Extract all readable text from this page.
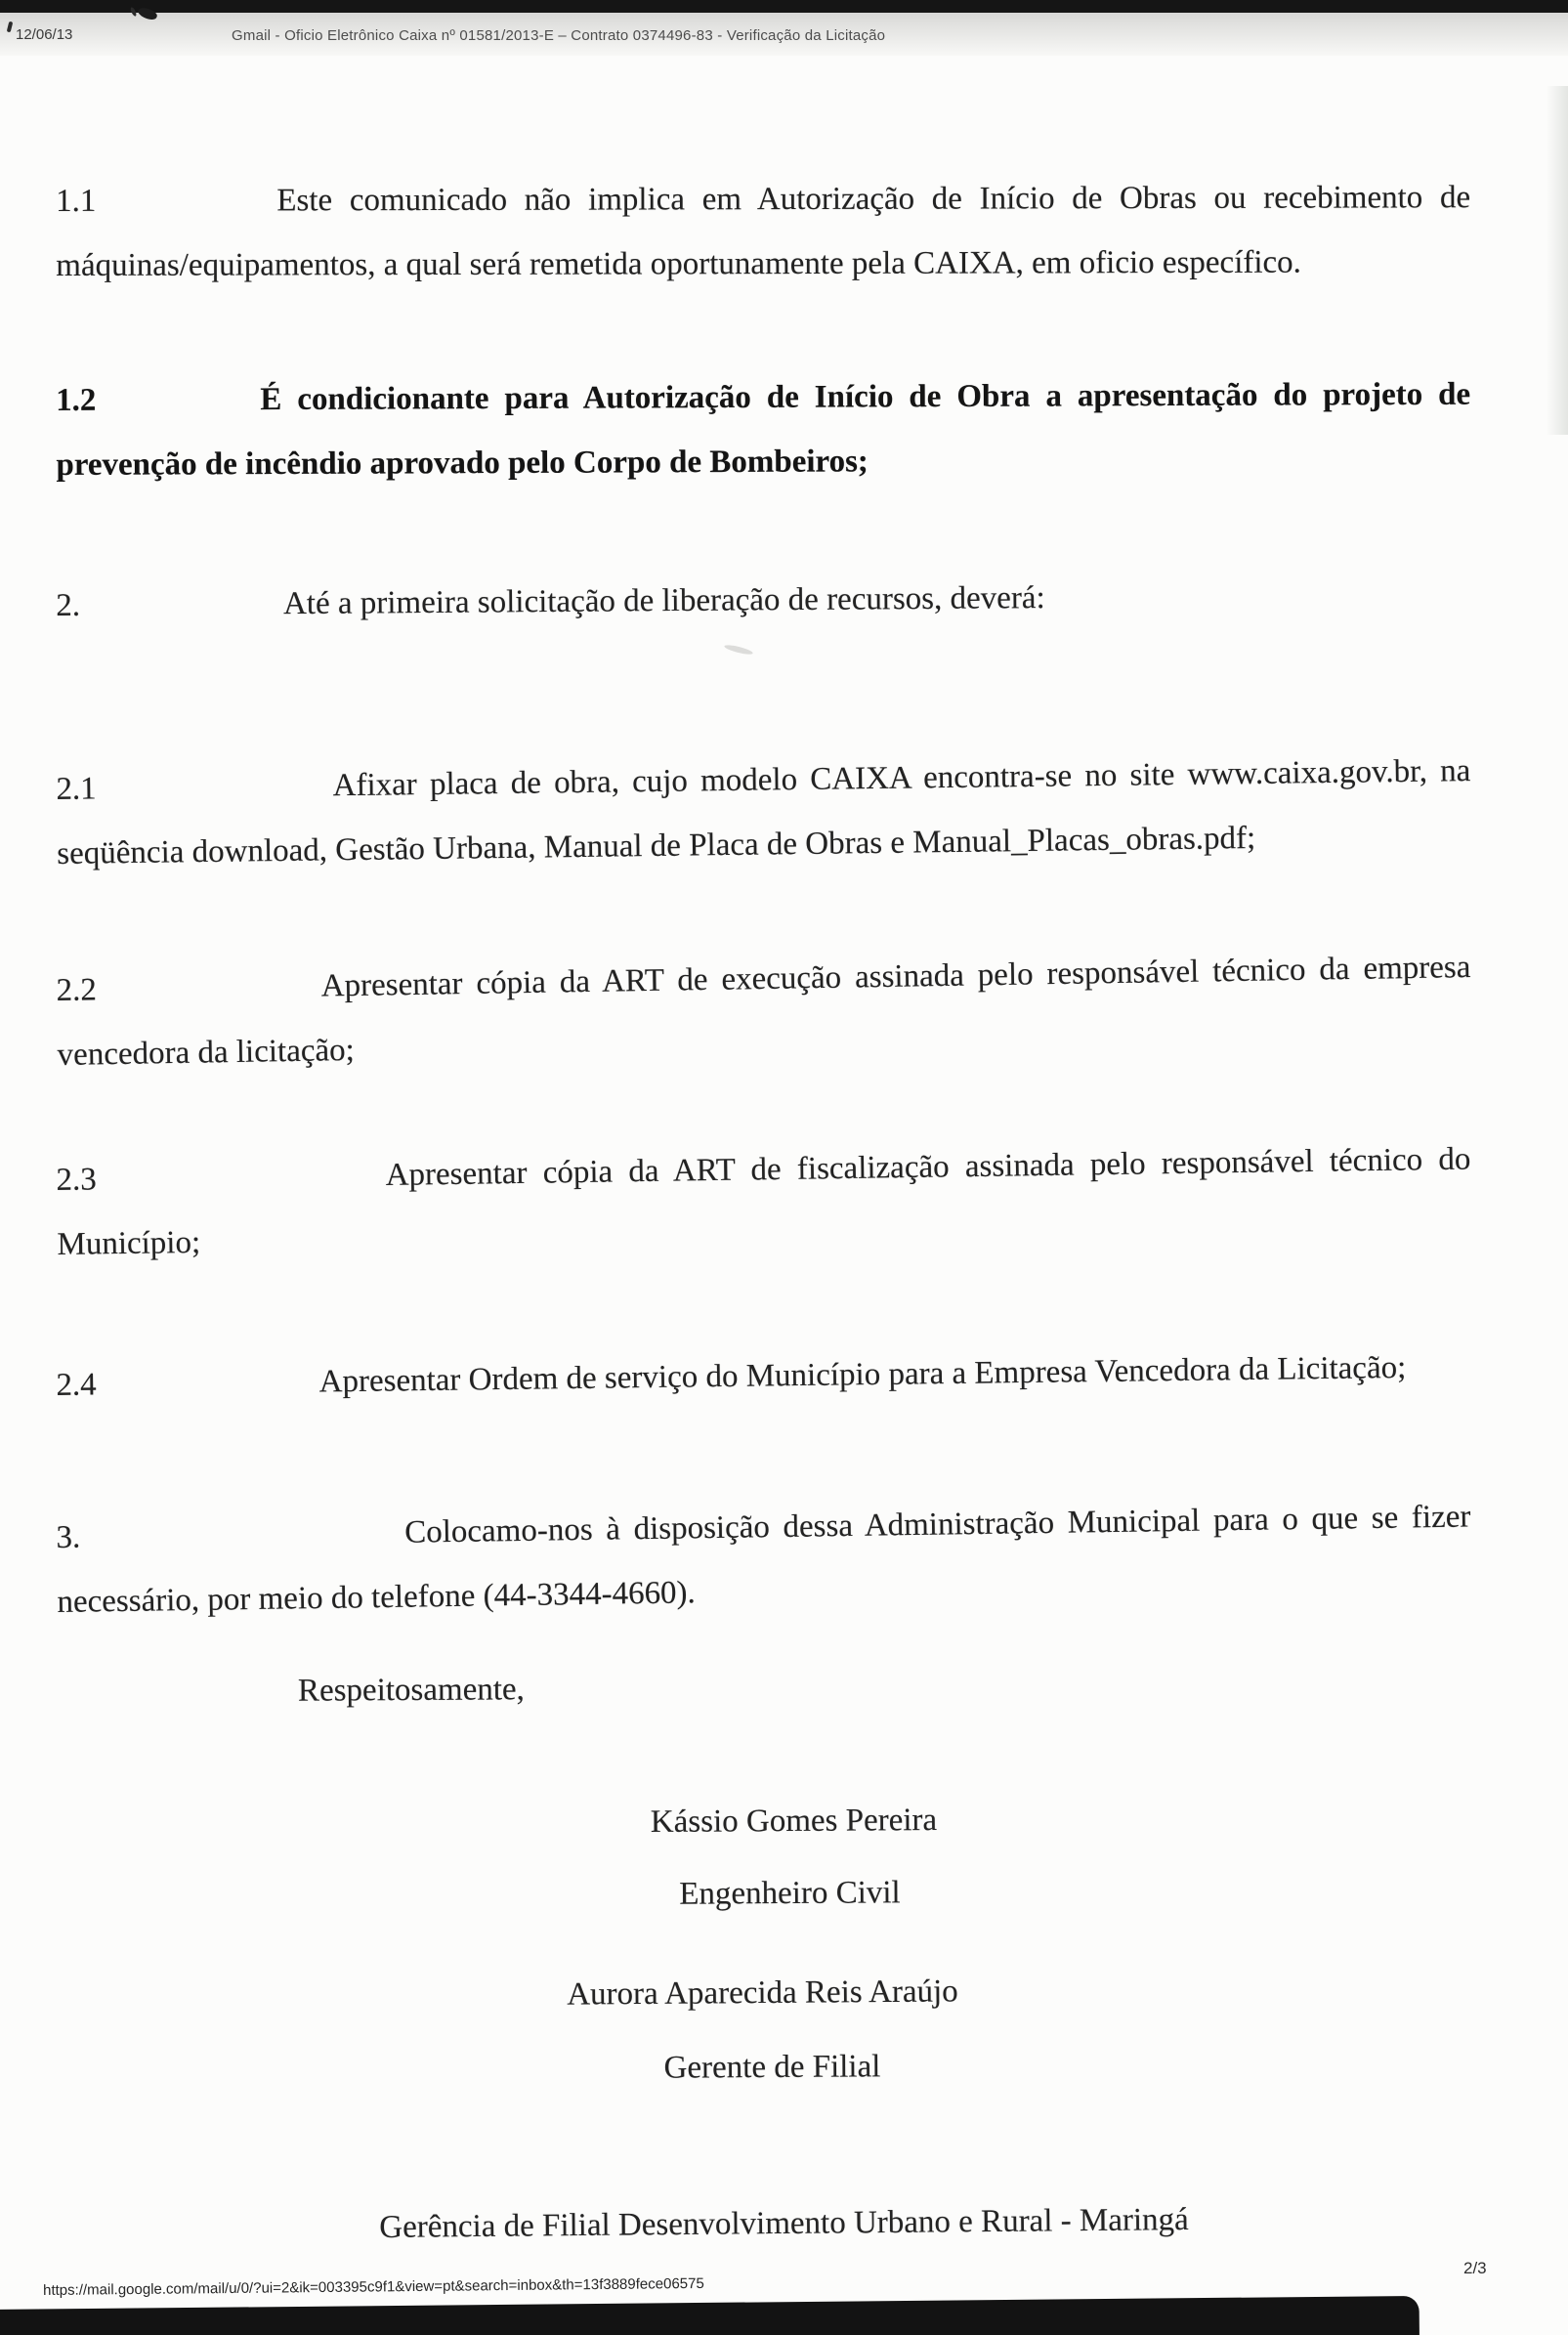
12/06/13	Gmail - Oficio Eletrônico Caixa nº 01581/2013-E – Contrato 0374496-83 - Verificação da Licitação

1.1	Este comunicado não implica em Autorização de Início de Obras ou recebimento de máquinas/equipamentos, a qual será remetida oportunamente pela CAIXA, em oficio específico.

1.2	É condicionante para Autorização de Início de Obra a apresentação do projeto de prevenção de incêndio aprovado pelo Corpo de Bombeiros;

2.	Até a primeira solicitação de liberação de recursos, deverá:

2.1	Afixar placa de obra, cujo modelo CAIXA encontra-se no site www.caixa.gov.br, na seqüência download, Gestão Urbana, Manual de Placa de Obras e Manual_Placas_obras.pdf;

2.2	Apresentar cópia da ART de execução assinada pelo responsável técnico da empresa vencedora da licitação;

2.3	Apresentar cópia da ART de fiscalização assinada pelo responsável técnico do Município;

2.4	Apresentar Ordem de serviço do Município para a Empresa Vencedora da Licitação;

3.	Colocamo-nos à disposição dessa Administração Municipal para o que se fizer necessário, por meio do telefone (44-3344-4660).

Respeitosamente,
Kássio Gomes Pereira
Engenheiro Civil
Aurora Aparecida Reis Araújo
Gerente de Filial
Gerência de Filial Desenvolvimento Urbano e Rural - Maringá
https://mail.google.com/mail/u/0/?ui=2&ik=003395c9f1&view=pt&search=inbox&th=13f3889fece06575
2/3
